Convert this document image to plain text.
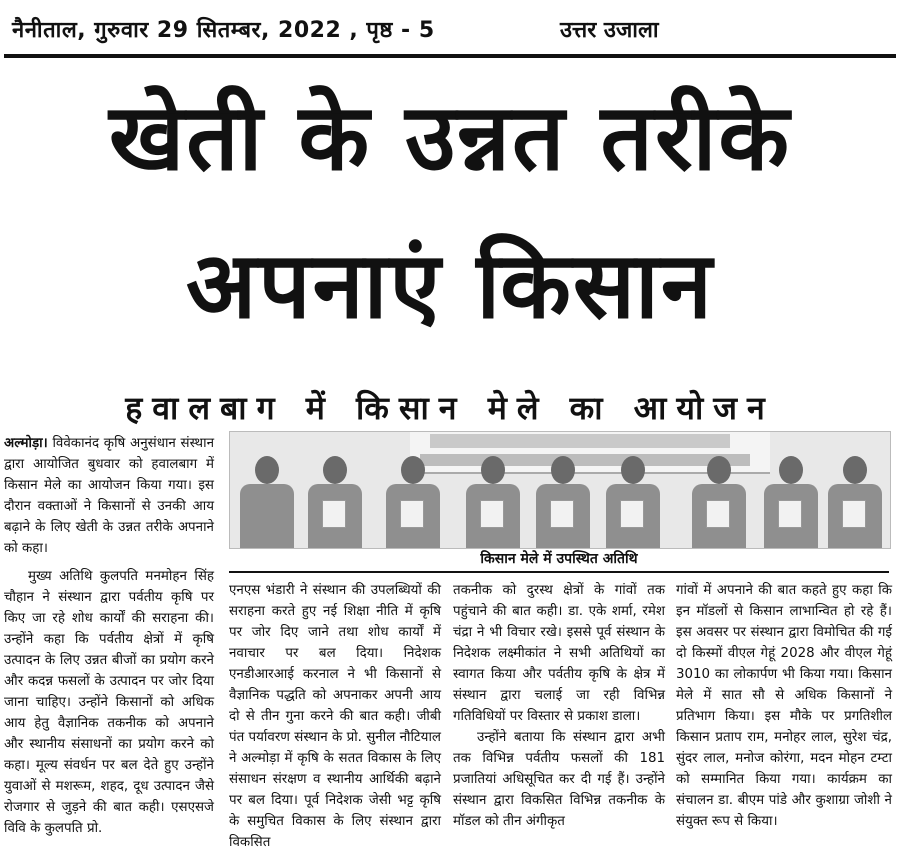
नैनीताल, गुरुवार 29 सितम्बर, 2022 , पृष्ठ - 5	उत्तर उजाला
खेती के उन्नत तरीके
अपनाएं किसान
हवालबाग में किसान मेले का आयोजन
किसान मेले में उपस्थित अतिथि

अल्मोड़ा। विवेकानंद कृषि अनुसंधान संस्थान द्वारा आयोजित बुधवार को हवालबाग में किसान मेले का आयोजन किया गया। इस दौरान वक्ताओं ने किसानों से उनकी आय बढ़ाने के लिए खेती के उन्नत तरीके अपनाने को कहा।

मुख्य अतिथि कुलपति मनमोहन सिंह चौहान ने संस्थान द्वारा पर्वतीय कृषि पर किए जा रहे शोध कार्यों की सराहना की। उन्होंने कहा कि पर्वतीय क्षेत्रों में कृषि उत्पादन के लिए उन्नत बीजों का प्रयोग करने और कदन्न फसलों के उत्पादन पर जोर दिया जाना चाहिए। उन्होंने किसानों को अधिक आय हेतु वैज्ञानिक तकनीक को अपनाने और स्थानीय संसाधनों का प्रयोग करने को कहा। मूल्य संवर्धन पर बल देते हुए उन्होंने युवाओं से मशरूम, शहद, दूध उत्पादन जैसे रोजगार से जुड़ने की बात कही। एसएसजे विवि के कुलपति प्रो.

एनएस भंडारी ने संस्थान की उपलब्धियों की सराहना करते हुए नई शिक्षा नीति में कृषि पर जोर दिए जाने तथा शोध कार्यों में नवाचार पर बल दिया। निदेशक एनडीआरआई करनाल ने भी किसानों से वैज्ञानिक पद्धति को अपनाकर अपनी आय दो से तीन गुना करने की बात कही। जीबी पंत पर्यावरण संस्थान के प्रो. सुनील नौटियाल ने अल्मोड़ा में कृषि के सतत विकास के लिए संसाधन संरक्षण व स्थानीय आर्थिकी बढ़ाने पर बल दिया। पूर्व निदेशक जेसी भट्ट कृषि के समुचित विकास के लिए संस्थान द्वारा विकसित

तकनीक को दुरस्थ क्षेत्रों के गांवों तक पहुंचाने की बात कही। डा. एके शर्मा, रमेश चंद्रा ने भी विचार रखे। इससे पूर्व संस्थान के निदेशक लक्ष्मीकांत ने सभी अतिथियों का स्वागत किया और पर्वतीय कृषि के क्षेत्र में संस्थान द्वारा चलाई जा रही विभिन्न गतिविधियों पर विस्तार से प्रकाश डाला।

उन्होंने बताया कि संस्थान द्वारा अभी तक विभिन्न पर्वतीय फसलों की 181 प्रजातियां अधिसूचित कर दी गई हैं। उन्होंने संस्थान द्वारा विकसित विभिन्न तकनीक के मॉडल को तीन अंगीकृत

गांवों में अपनाने की बात कहते हुए कहा कि इन मॉडलों से किसान लाभान्वित हो रहे हैं। इस अवसर पर संस्थान द्वारा विमोचित की गई दो किस्मों वीएल गेहूं 2028 और वीएल गेहूं 3010 का लोकार्पण भी किया गया। किसान मेले में सात सौ से अधिक किसानों ने प्रतिभाग किया। इस मौके पर प्रगतिशील किसान प्रताप राम, मनोहर लाल, सुरेश चंद्र, सुंदर लाल, मनोज कोरंगा, मदन मोहन टम्टा को सम्मानित किया गया। कार्यक्रम का संचालन डा. बीएम पांडे और कुशाग्रा जोशी ने संयुक्त रूप से किया।
